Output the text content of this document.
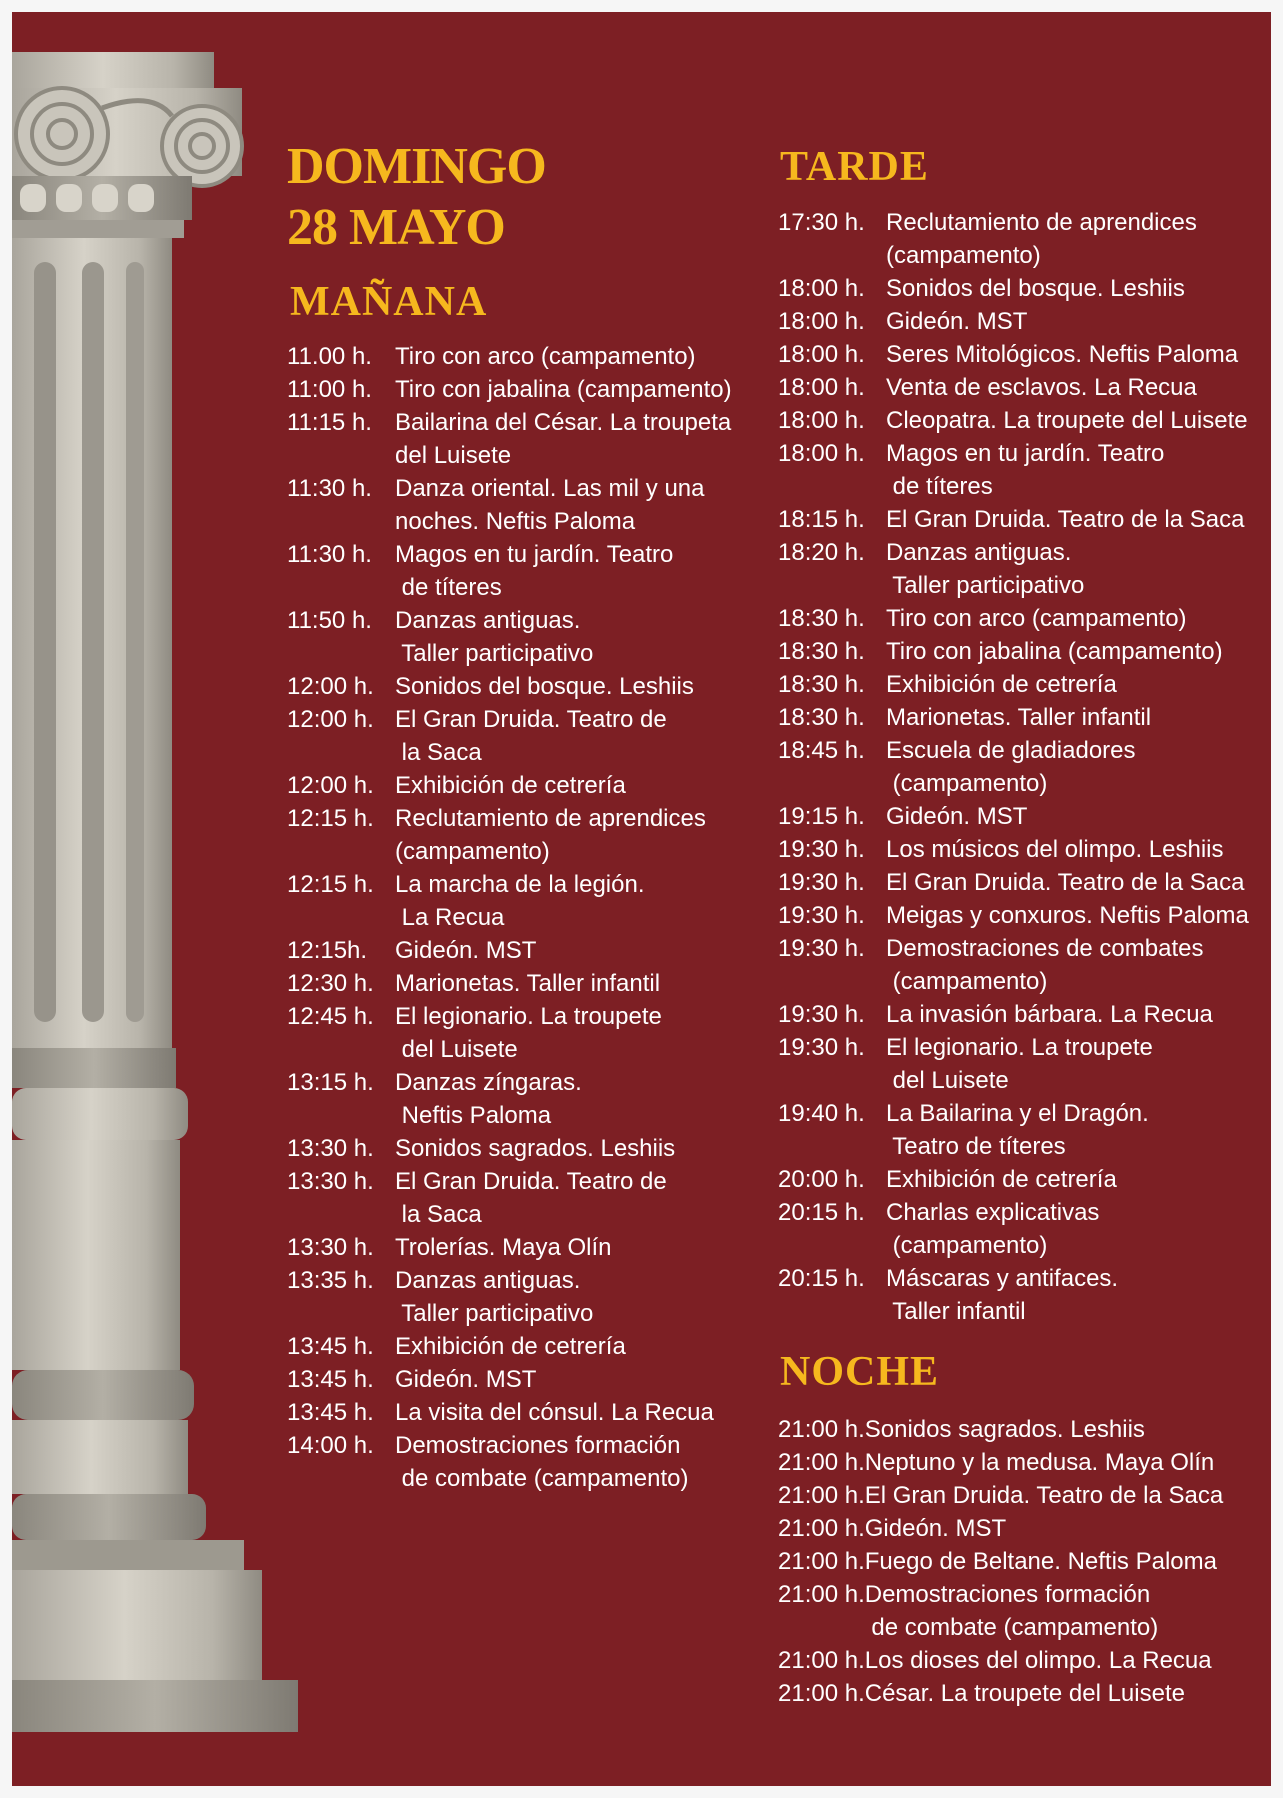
DOMINGO
28 MAYO
MAÑANA
11.00 h. Tiro con arco (campamento)
11:00 h. Tiro con jabalina (campamento)
11:15 h. Bailarina del César. La troupeta
del Luisete
11:30 h. Danza oriental. Las mil y una
noches. Neftis Paloma
11:30 h. Magos en tu jardín. Teatro
de títeres
11:50 h. Danzas antiguas.
Taller participativo
12:00 h. Sonidos del bosque. Leshiis
12:00 h. El Gran Druida. Teatro de
la Saca
12:00 h. Exhibición de cetrería
12:15 h. Reclutamiento de aprendices
(campamento)
12:15 h. La marcha de la legión.
La Recua
12:15h.	Gideón. MST
12:30 h. Marionetas. Taller infantil
12:45 h. El legionario. La troupete
del Luisete
13:15 h. Danzas zíngaras.
Neftis Paloma
13:30 h. Sonidos sagrados. Leshiis
13:30 h. El Gran Druida. Teatro de
la Saca
13:30 h. Trolerías. Maya Olín
13:35 h. Danzas antiguas.
Taller participativo
13:45 h. Exhibición de cetrería
13:45 h. Gideón. MST
13:45 h. La visita del cónsul. La Recua
14:00 h. Demostraciones formación
de combate (campamento)
TARDE
17:30 h. Reclutamiento de aprendices
(campamento)
18:00 h. Sonidos del bosque. Leshiis
18:00 h. Gideón. MST
18:00 h. Seres Mitológicos. Neftis Paloma
18:00 h. Venta de esclavos. La Recua
18:00 h. Cleopatra. La troupete del Luisete
18:00 h. Magos en tu jardín. Teatro
de títeres
18:15 h. El Gran Druida. Teatro de la Saca
18:20 h. Danzas antiguas.
Taller participativo
18:30 h. Tiro con arco (campamento)
18:30 h. Tiro con jabalina (campamento)
18:30 h. Exhibición de cetrería
18:30 h. Marionetas. Taller infantil
18:45 h. Escuela de gladiadores
(campamento)
19:15 h. Gideón. MST
19:30 h. Los músicos del olimpo. Leshiis
19:30 h. El Gran Druida. Teatro de la Saca
19:30 h. Meigas y conxuros. Neftis Paloma
19:30 h. Demostraciones de combates
(campamento)
19:30 h. La invasión bárbara. La Recua
19:30 h. El legionario. La troupete
del Luisete
19:40 h. La Bailarina y el Dragón.
Teatro de títeres
20:00 h. Exhibición de cetrería
20:15 h. Charlas explicativas
(campamento)
20:15 h. Máscaras y antifaces.
Taller infantil
NOCHE
21:00 h. Sonidos sagrados. Leshiis
21:00 h. Neptuno y la medusa. Maya Olín
21:00 h. El Gran Druida. Teatro de la Saca
21:00 h. Gideón. MST
21:00 h. Fuego de Beltane. Neftis Paloma
21:00 h. Demostraciones formación
de combate (campamento)
21:00 h. Los dioses del olimpo. La Recua
21:00 h. César. La troupete del Luisete
